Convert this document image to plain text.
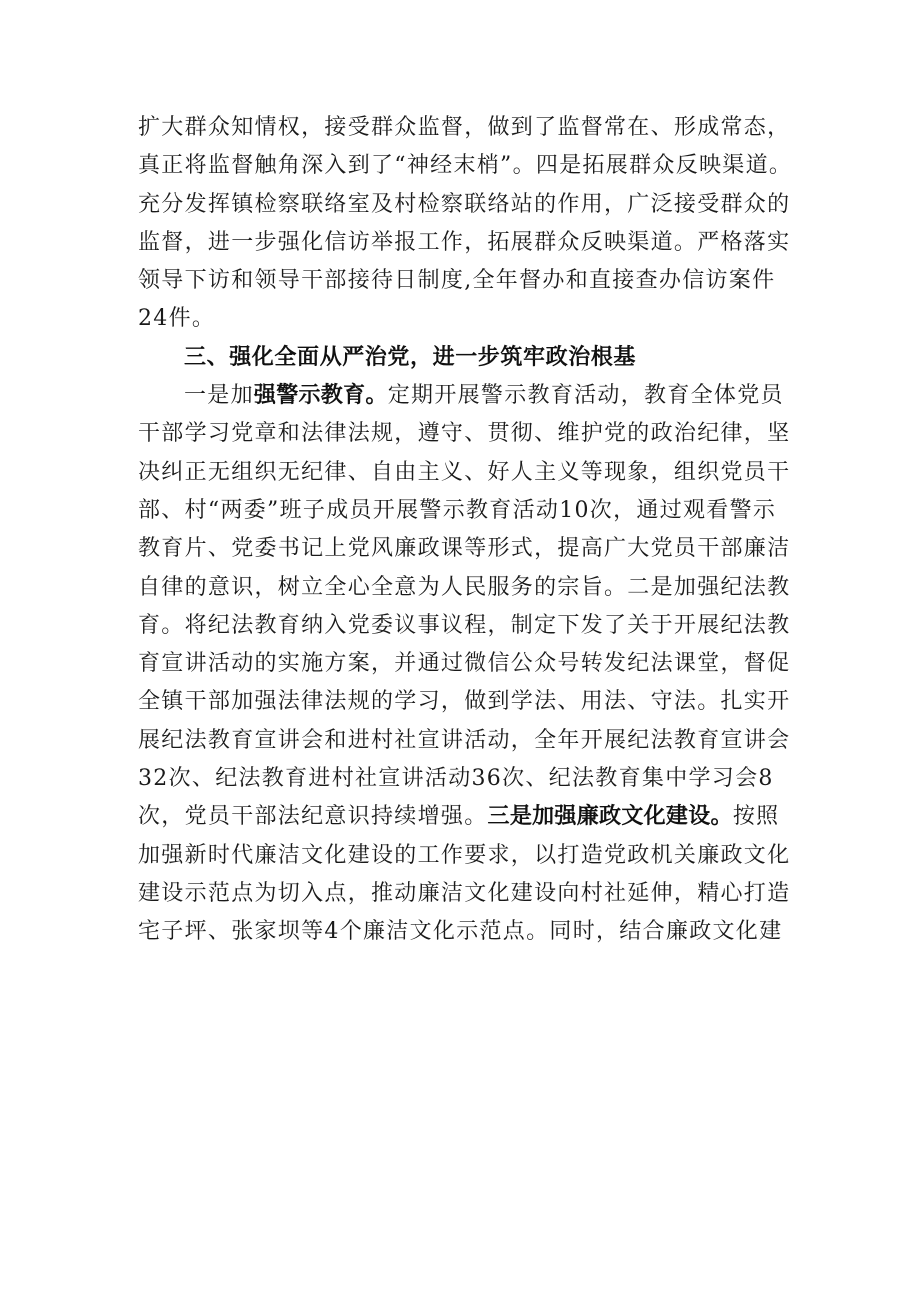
扩大群众知情权，接受群众监督，做到了监督常在、形成常态，
真正将监督触角深入到了“神经末梢”。四是拓展群众反映渠道。
充分发挥镇检察联络室及村检察联络站的作用，广泛接受群众的
监督，进一步强化信访举报工作，拓展群众反映渠道。严格落实
领导下访和领导干部接待日制度,全年督办和直接查办信访案件
24件。
三、强化全面从严治党，进一步筑牢政治根基
一是加强警示教育。定期开展警示教育活动，教育全体党员
干部学习党章和法律法规，遵守、贯彻、维护党的政治纪律，坚
决纠正无组织无纪律、自由主义、好人主义等现象，组织党员干
部、村“两委”班子成员开展警示教育活动10次，通过观看警示
教育片、党委书记上党风廉政课等形式，提高广大党员干部廉洁
自律的意识，树立全心全意为人民服务的宗旨。二是加强纪法教
育。将纪法教育纳入党委议事议程，制定下发了关于开展纪法教
育宣讲活动的实施方案，并通过微信公众号转发纪法课堂，督促
全镇干部加强法律法规的学习，做到学法、用法、守法。扎实开
展纪法教育宣讲会和进村社宣讲活动，全年开展纪法教育宣讲会
32次、纪法教育进村社宣讲活动36次、纪法教育集中学习会8
次，党员干部法纪意识持续增强。三是加强廉政文化建设。按照
加强新时代廉洁文化建设的工作要求，以打造党政机关廉政文化
建设示范点为切入点，推动廉洁文化建设向村社延伸，精心打造
宅子坪、张家坝等4个廉洁文化示范点。同时，结合廉政文化建
